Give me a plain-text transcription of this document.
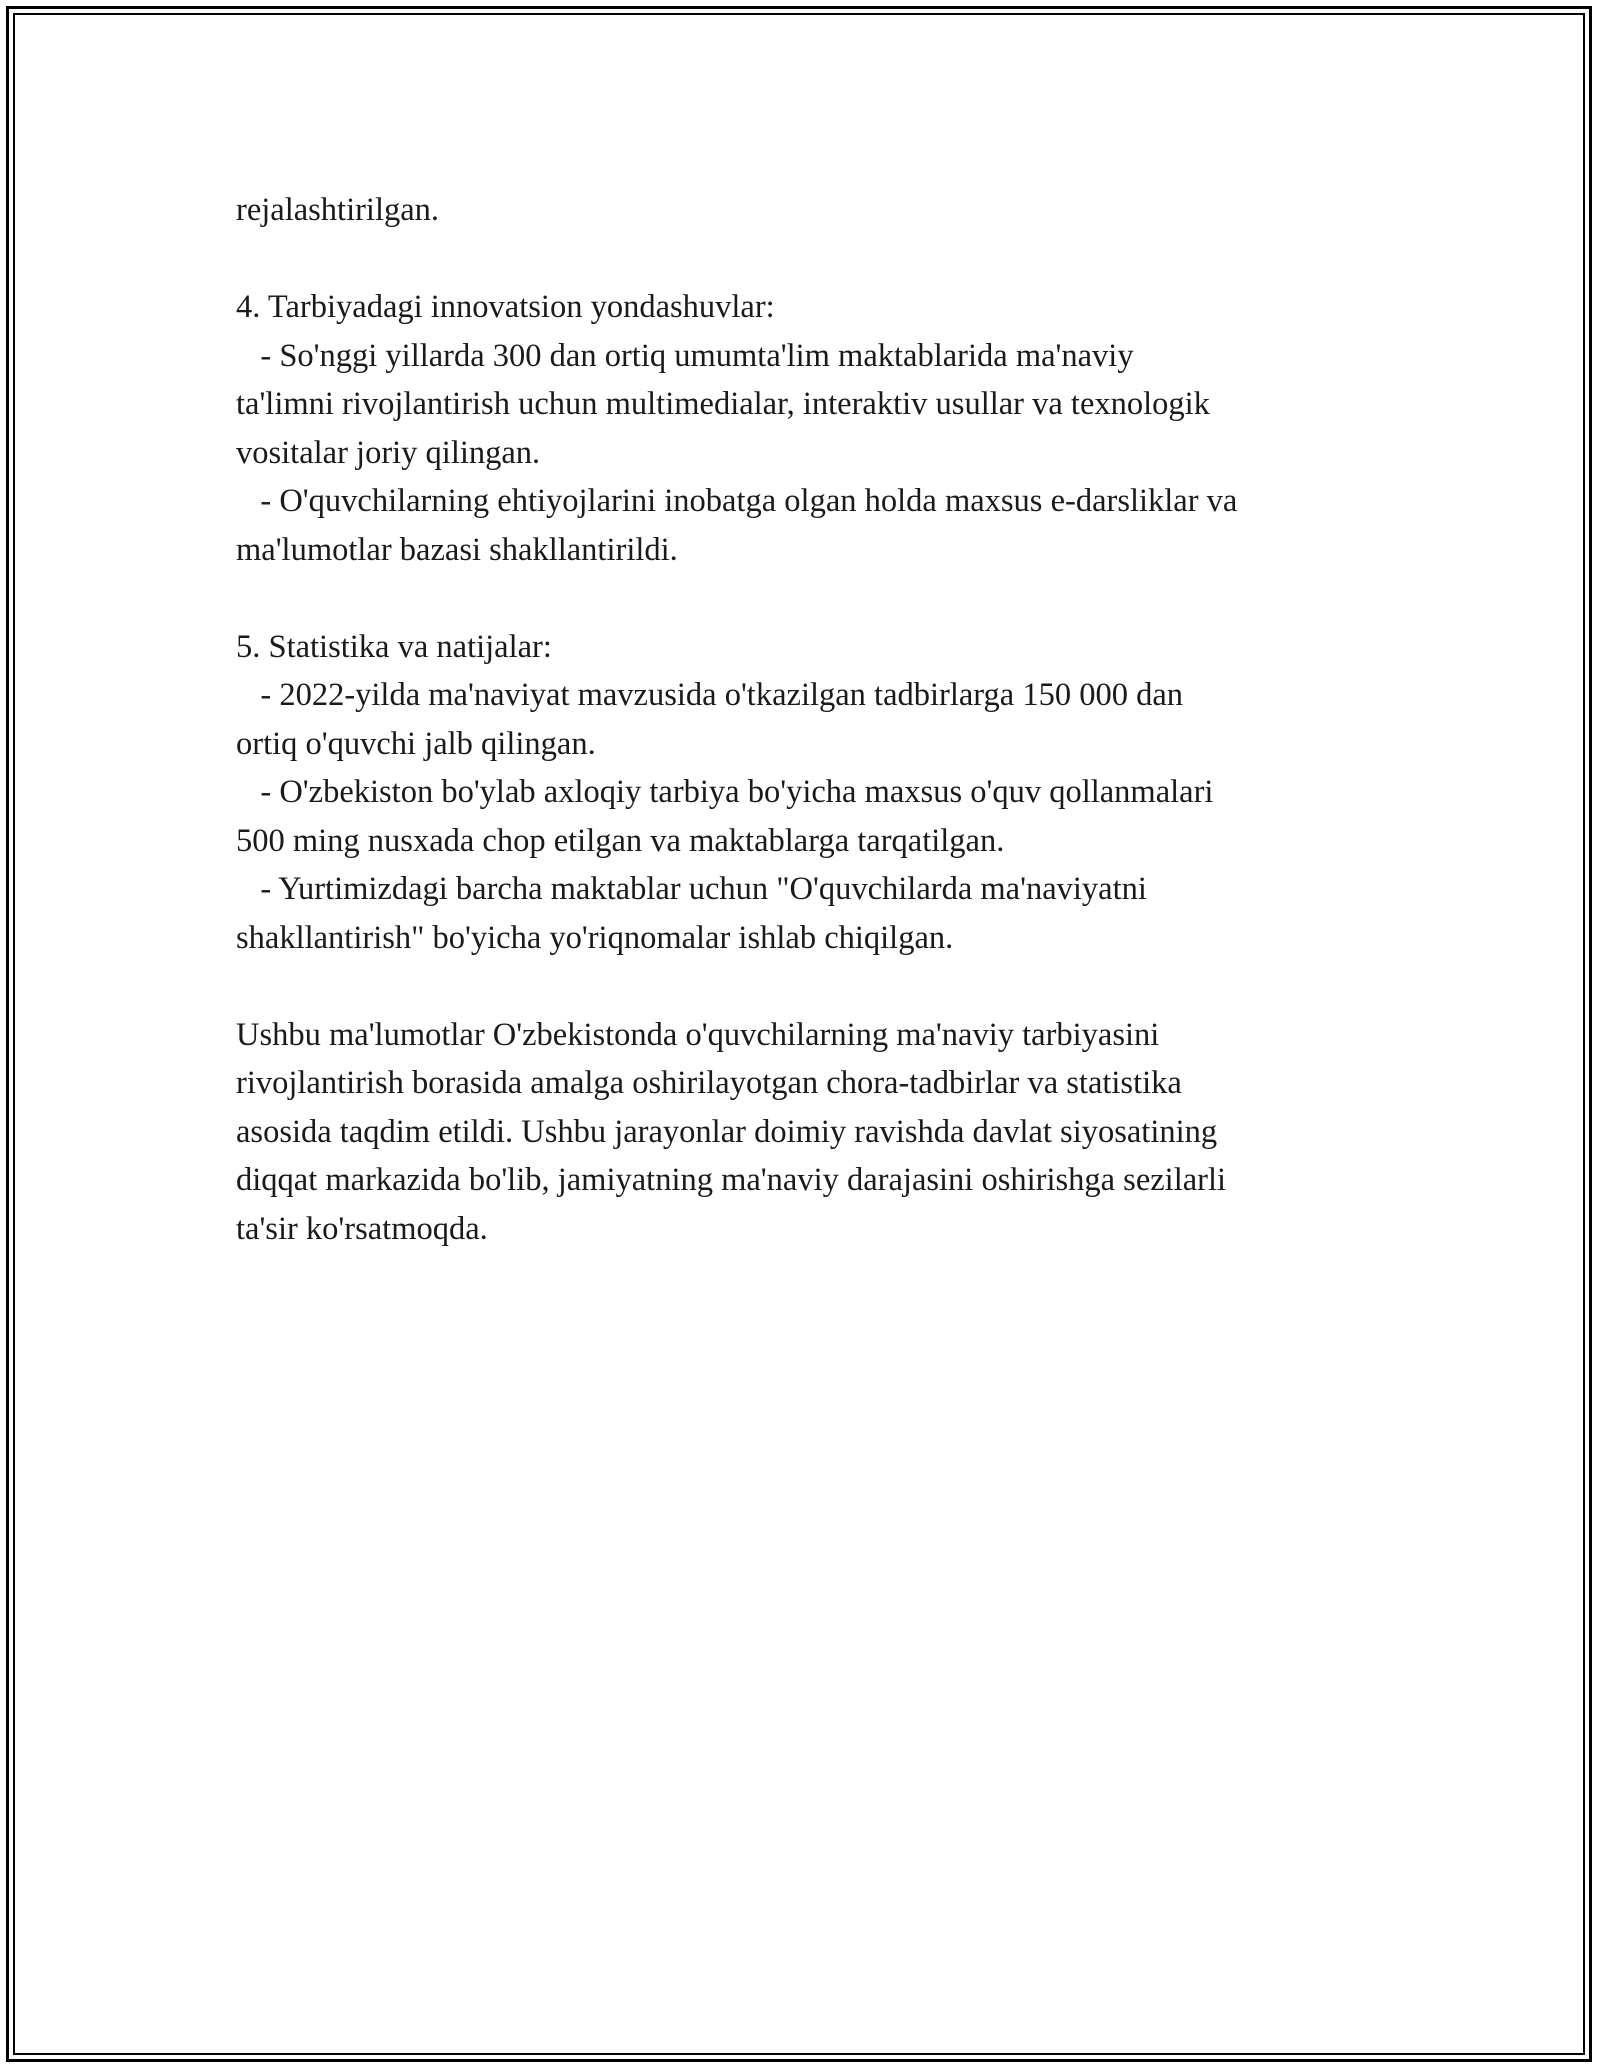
rejalashtirilgan.
4. Tarbiyadagi innovatsion yondashuvlar:
- So'nggi yillarda 300 dan ortiq umumta'lim maktablarida ma'naviy
ta'limni rivojlantirish uchun multimedialar, interaktiv usullar va texnologik
vositalar joriy qilingan.
- O'quvchilarning ehtiyojlarini inobatga olgan holda maxsus e-darsliklar va
ma'lumotlar bazasi shakllantirildi.
5. Statistika va natijalar:
- 2022-yilda ma'naviyat mavzusida o'tkazilgan tadbirlarga 150 000 dan
ortiq o'quvchi jalb qilingan.
- O'zbekiston bo'ylab axloqiy tarbiya bo'yicha maxsus o'quv qollanmalari
500 ming nusxada chop etilgan va maktablarga tarqatilgan.
- Yurtimizdagi barcha maktablar uchun "O'quvchilarda ma'naviyatni
shakllantirish" bo'yicha yo'riqnomalar ishlab chiqilgan.
Ushbu ma'lumotlar O'zbekistonda o'quvchilarning ma'naviy tarbiyasini
rivojlantirish borasida amalga oshirilayotgan chora-tadbirlar va statistika
asosida taqdim etildi. Ushbu jarayonlar doimiy ravishda davlat siyosatining
diqqat markazida bo'lib, jamiyatning ma'naviy darajasini oshirishga sezilarli
ta'sir ko'rsatmoqda.
